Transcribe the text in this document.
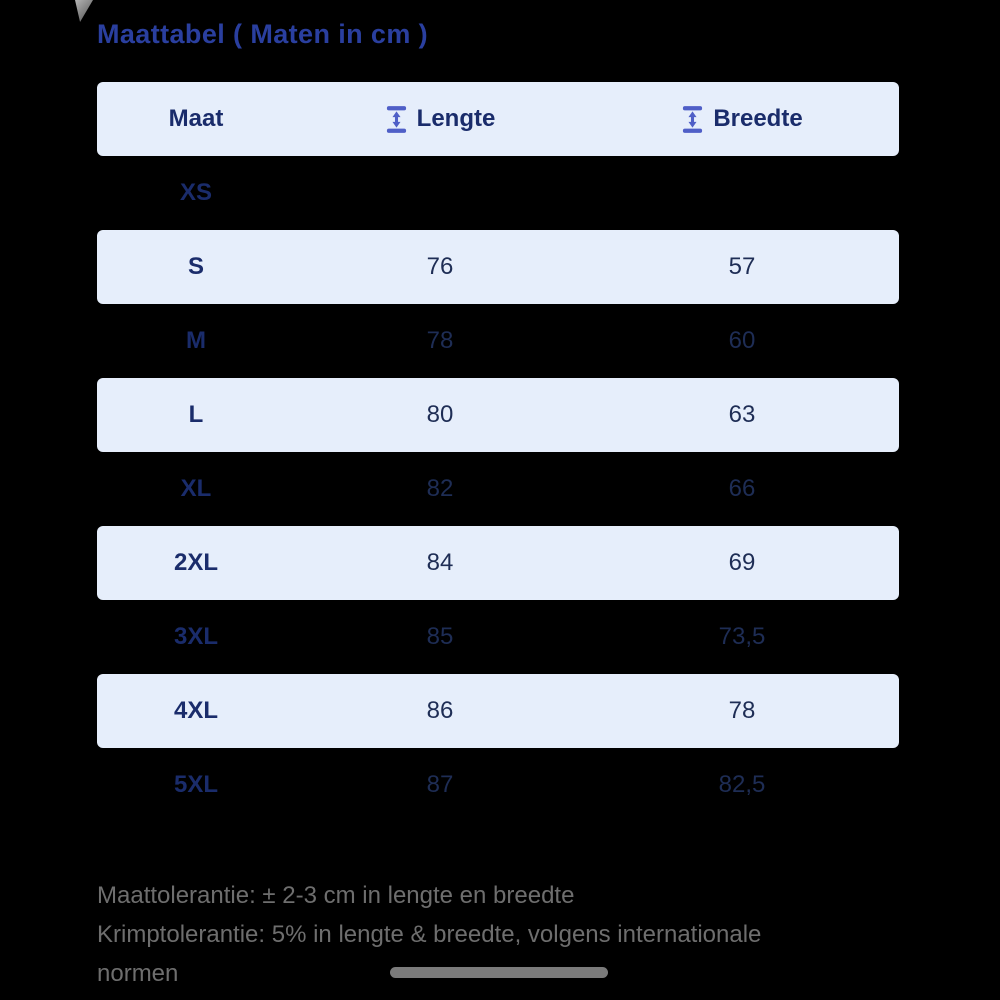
Maattabel ( Maten in cm )
Maat	Lengte	Breedte
XS
S	76	57
M	78	60
L	80	63
XL	82	66
2XL	84	69
3XL	85	73,5
4XL	86	78
5XL	87	82,5
Maattolerantie: ± 2-3 cm in lengte en breedte
Krimptolerantie: 5% in lengte & breedte, volgens internationale
normen
